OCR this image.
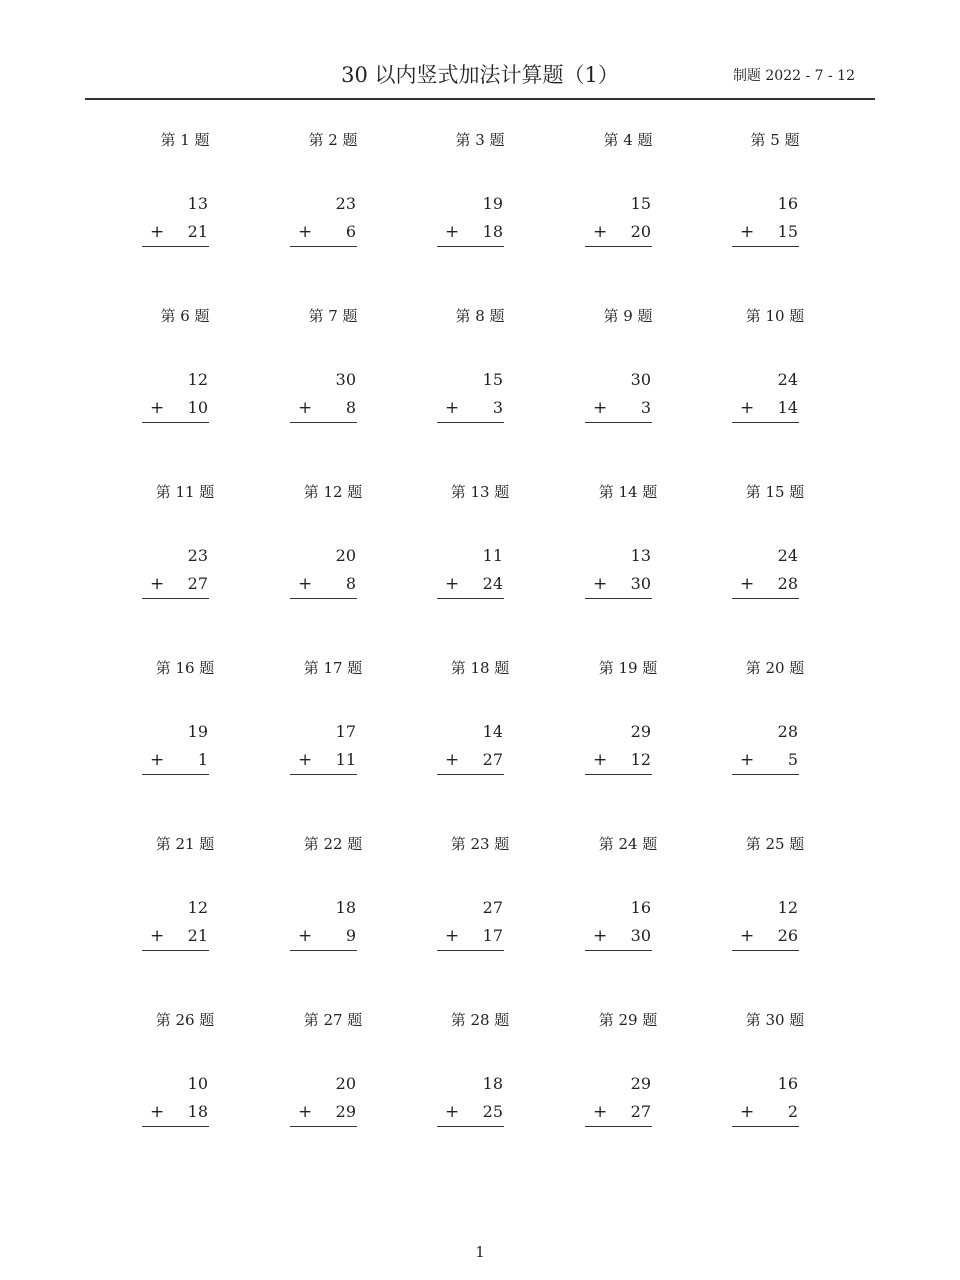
30 以内竖式加法计算题（1）	制题 2022 - 7 - 12
第 1 题
13
+	21
第 2 题
23
+	6
第 3 题
19
+	18
第 4 题
15
+	20
第 5 题
16
+	15
第 6 题
12
+	10
第 7 题
30
+	8
第 8 题
15
+	3
第 9 题
30
+	3
第 10 题
24
+	14
第 11 题
23
+	27
第 12 题
20
+	8
第 13 题
11
+	24
第 14 题
13
+	30
第 15 题
24
+	28
第 16 题
19
+	1
第 17 题
17
+	11
第 18 题
14
+	27
第 19 题
29
+	12
第 20 题
28
+	5
第 21 题
12
+	21
第 22 题
18
+	9
第 23 题
27
+	17
第 24 题
16
+	30
第 25 题
12
+	26
第 26 题
10
+	18
第 27 题
20
+	29
第 28 题
18
+	25
第 29 题
29
+	27
第 30 题
16
+	2
1
